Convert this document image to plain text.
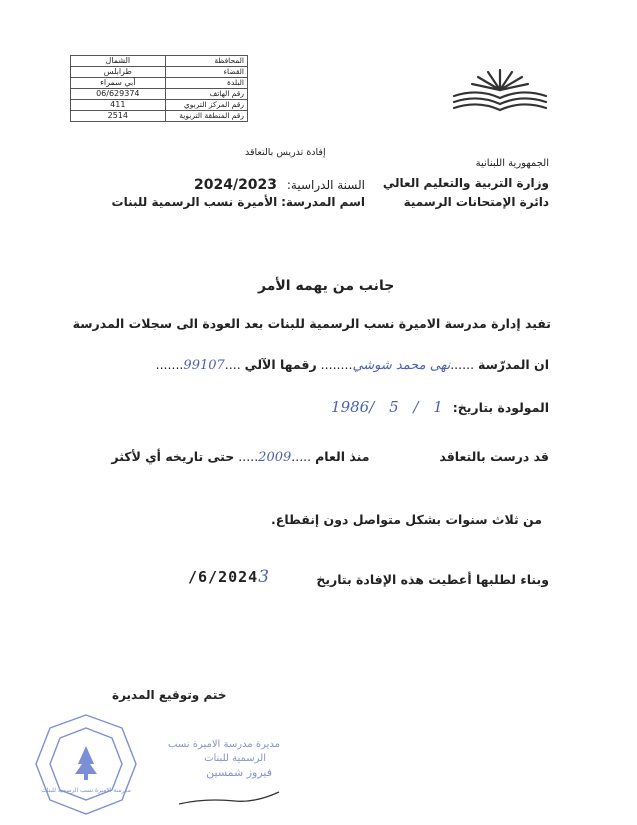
الشمال	المحافظة
طرابلس	القضاء
أبي سمراء	البلدة
06/629374	رقم الهاتف
411	رقم المركز التربوي
2514	رقم المنطقة التربوية
الجمهورية اللبنانية
وزارة التربية والتعليم العالي
دائرة الإمتحانات الرسمية
إفادة تدريس بالتعاقد
السنة الدراسية: 2024/2023
اسم المدرسة: الأميرة نسب الرسمية للبنات
جانب من يهمه الأمر
تفيد إدارة مدرسة الاميرة نسب الرسمية للبنات بعد العودة الى سجلات المدرسة
ان المدرّسة ......نهى محمد شوشي........ رقمها الآلي ....99107.......
المولودة بتاريخ: 1 / 5 /1986
قد درست بالتعاقد  منذ العام .....2009..... حتى تاريخه أي لأكثر
من ثلاث سنوات بشكل متواصل دون إنقطاع.
وبناء لطلبها أعطيت هذه الإفادة بتاريخ
/6/20243
ختم وتوقيع المديرة
مدرسة الاميرة نسب الرسمية للبنات
مديرة مدرسة الاميرة نسب
الرسمية للبنات
فيروز شمسين
